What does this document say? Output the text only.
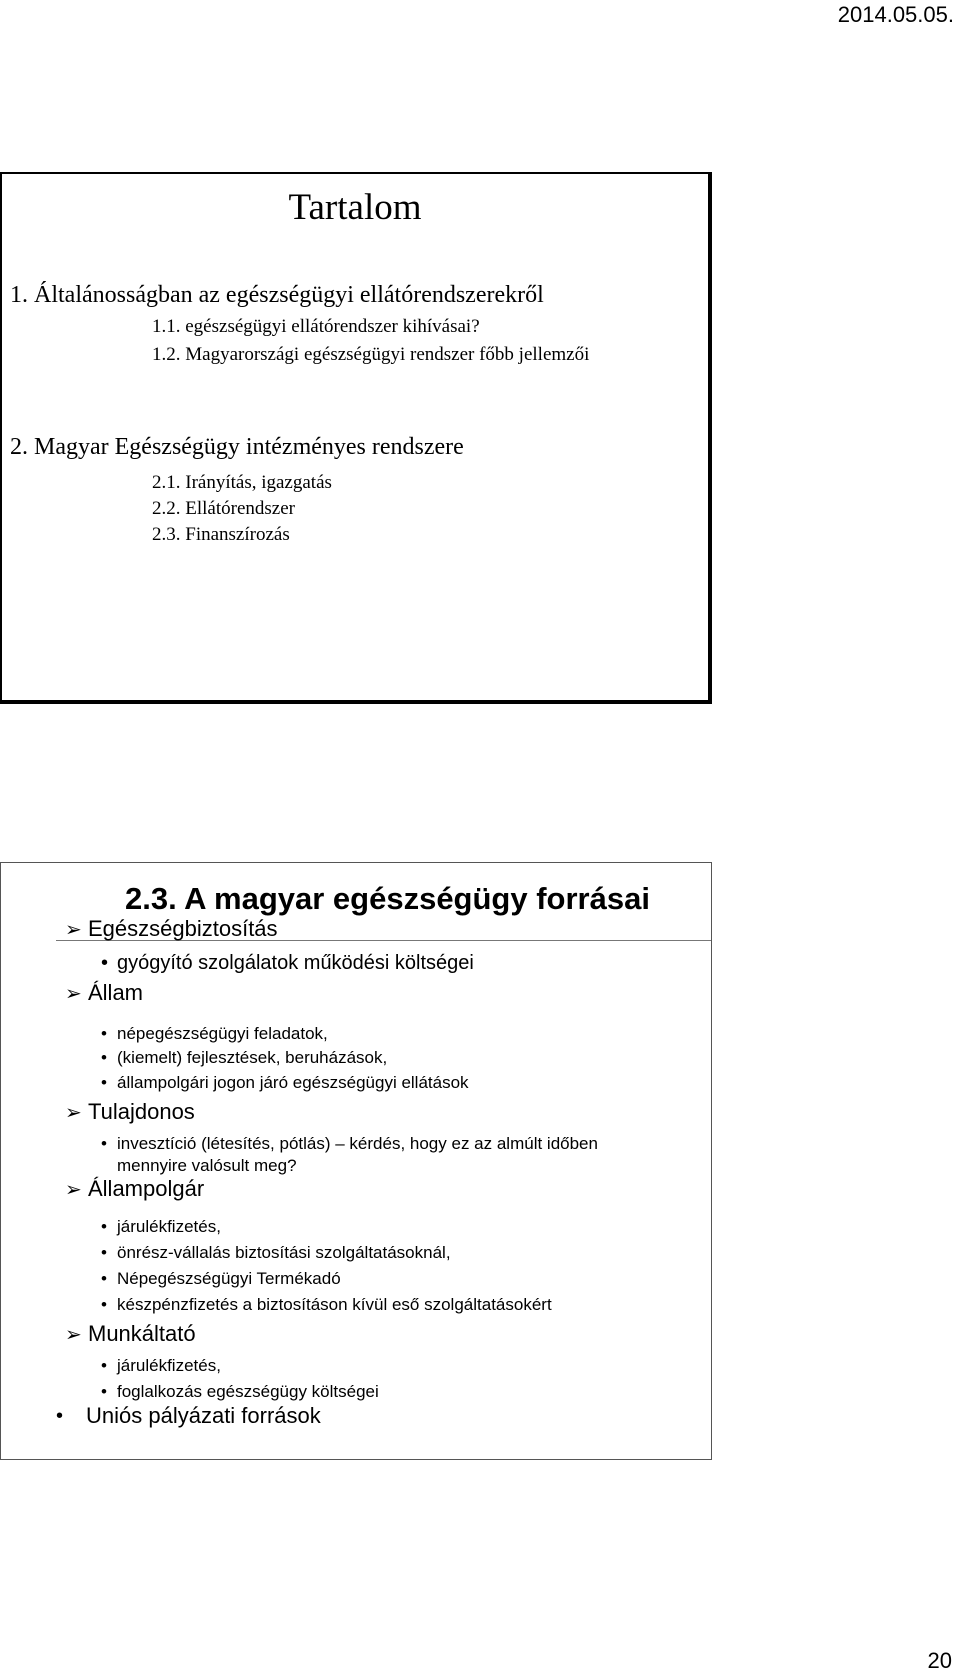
2014.05.05.
Tartalom
1. Általánosságban az egészségügyi ellátórendszerekről
1.1. egészségügyi ellátórendszer kihívásai?
1.2. Magyarországi egészségügyi rendszer főbb jellemzői
2. Magyar Egészségügy intézményes rendszere
2.1. Irányítás, igazgatás
2.2. Ellátórendszer
2.3. Finanszírozás
2.3. A magyar egészségügy forrásai
➢ Egészségbiztosítás
• gyógyító szolgálatok működési költségei
➢ Állam
• népegészségügyi feladatok,
• (kiemelt) fejlesztések, beruházások,
• állampolgári jogon járó egészségügyi ellátások
➢ Tulajdonos
• invesztíció (létesítés, pótlás) – kérdés, hogy ez az almúlt időben
mennyire valósult meg?
➢ Állampolgár
• járulékfizetés,
• önrész-vállalás biztosítási szolgáltatásoknál,
• Népegészségügyi Termékadó
• készpénzfizetés a biztosításon kívül eső szolgáltatásokért
➢ Munkáltató
• járulékfizetés,
• foglalkozás egészségügy költségei
•	Uniós pályázati források
20
